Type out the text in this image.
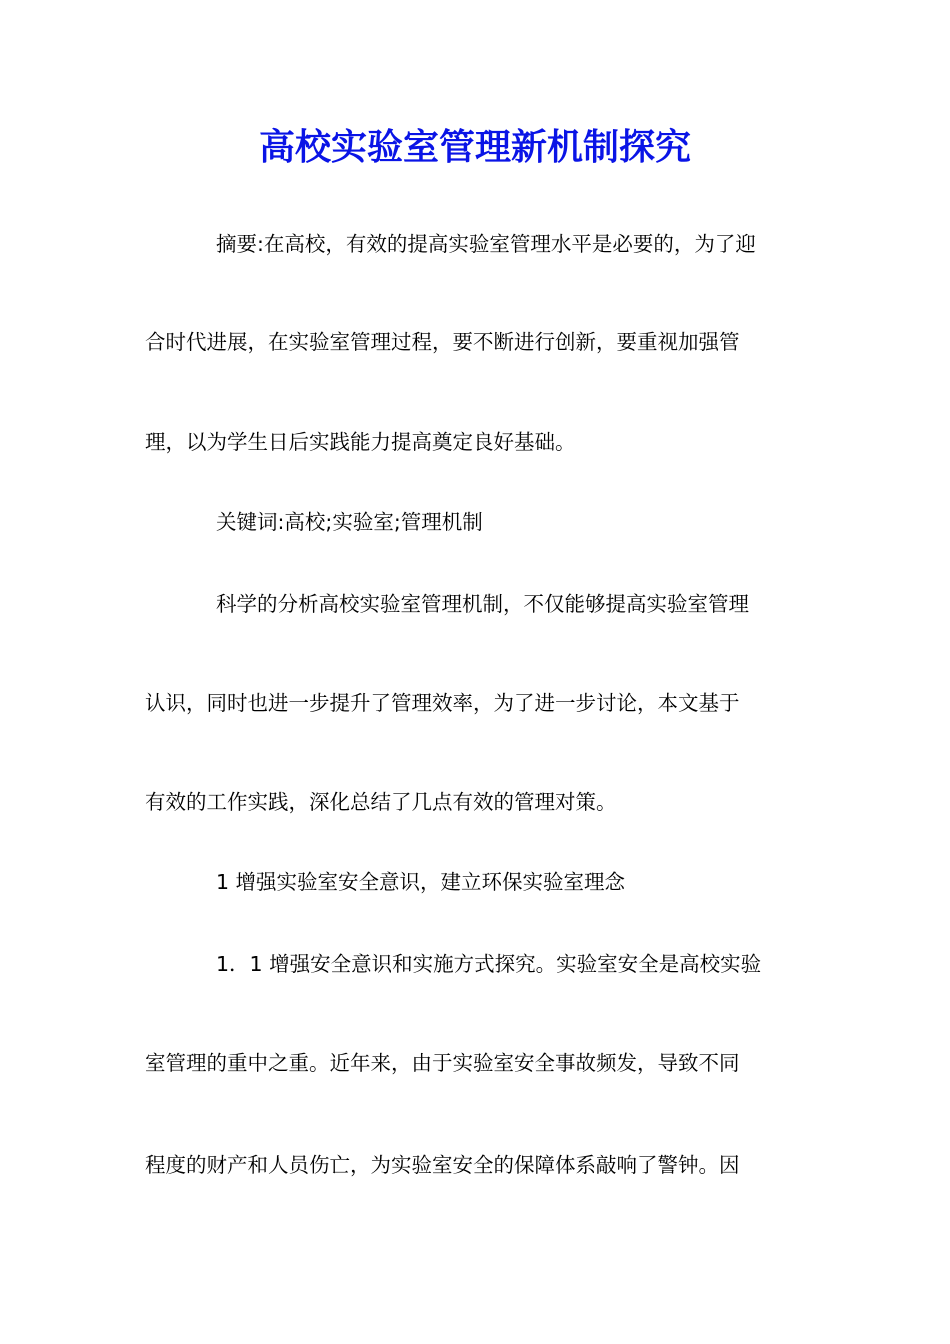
高校实验室管理新机制探究
摘要:在高校，有效的提高实验室管理水平是必要的，为了迎
合时代进展，在实验室管理过程，要不断进行创新，要重视加强管
理，以为学生日后实践能力提高奠定良好基础。
关键词:高校;实验室;管理机制
科学的分析高校实验室管理机制，不仅能够提高实验室管理
认识，同时也进一步提升了管理效率，为了进一步讨论，本文基于
有效的工作实践，深化总结了几点有效的管理对策。
1 增强实验室安全意识，建立环保实验室理念
1．1 增强安全意识和实施方式探究。实验室安全是高校实验
室管理的重中之重。近年来，由于实验室安全事故频发，导致不同
程度的财产和人员伤亡，为实验室安全的保障体系敲响了警钟。因
